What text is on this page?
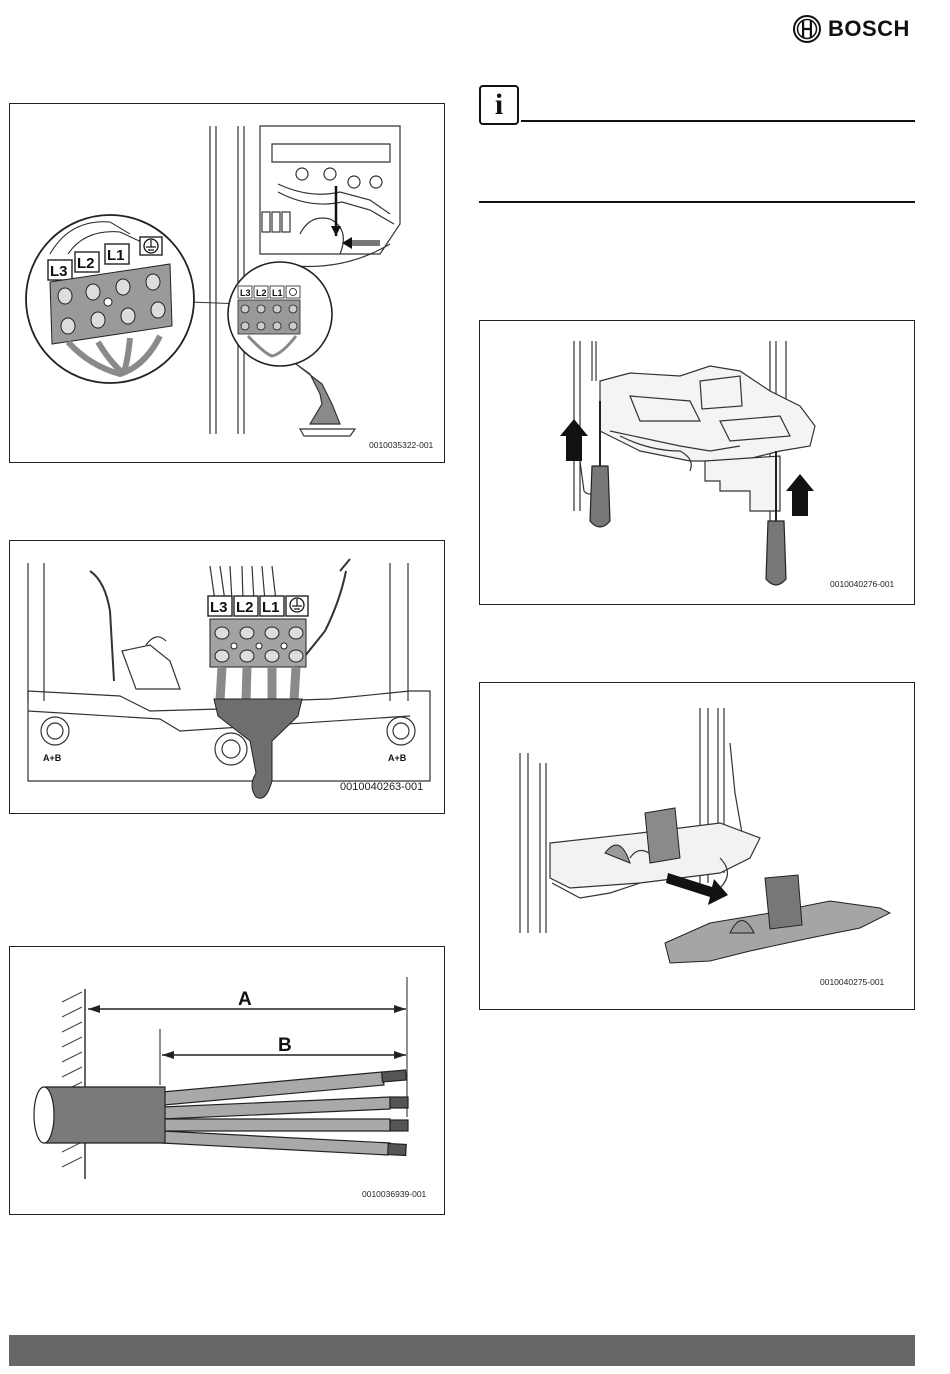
BOSCH
i
L3 L2 L1
L3 L2 L1
0010035322-001
L3 L2 L1
A+B	A+B
0010040263-001
A
B
0010036939-001
0010040276-001
0010040275-001
